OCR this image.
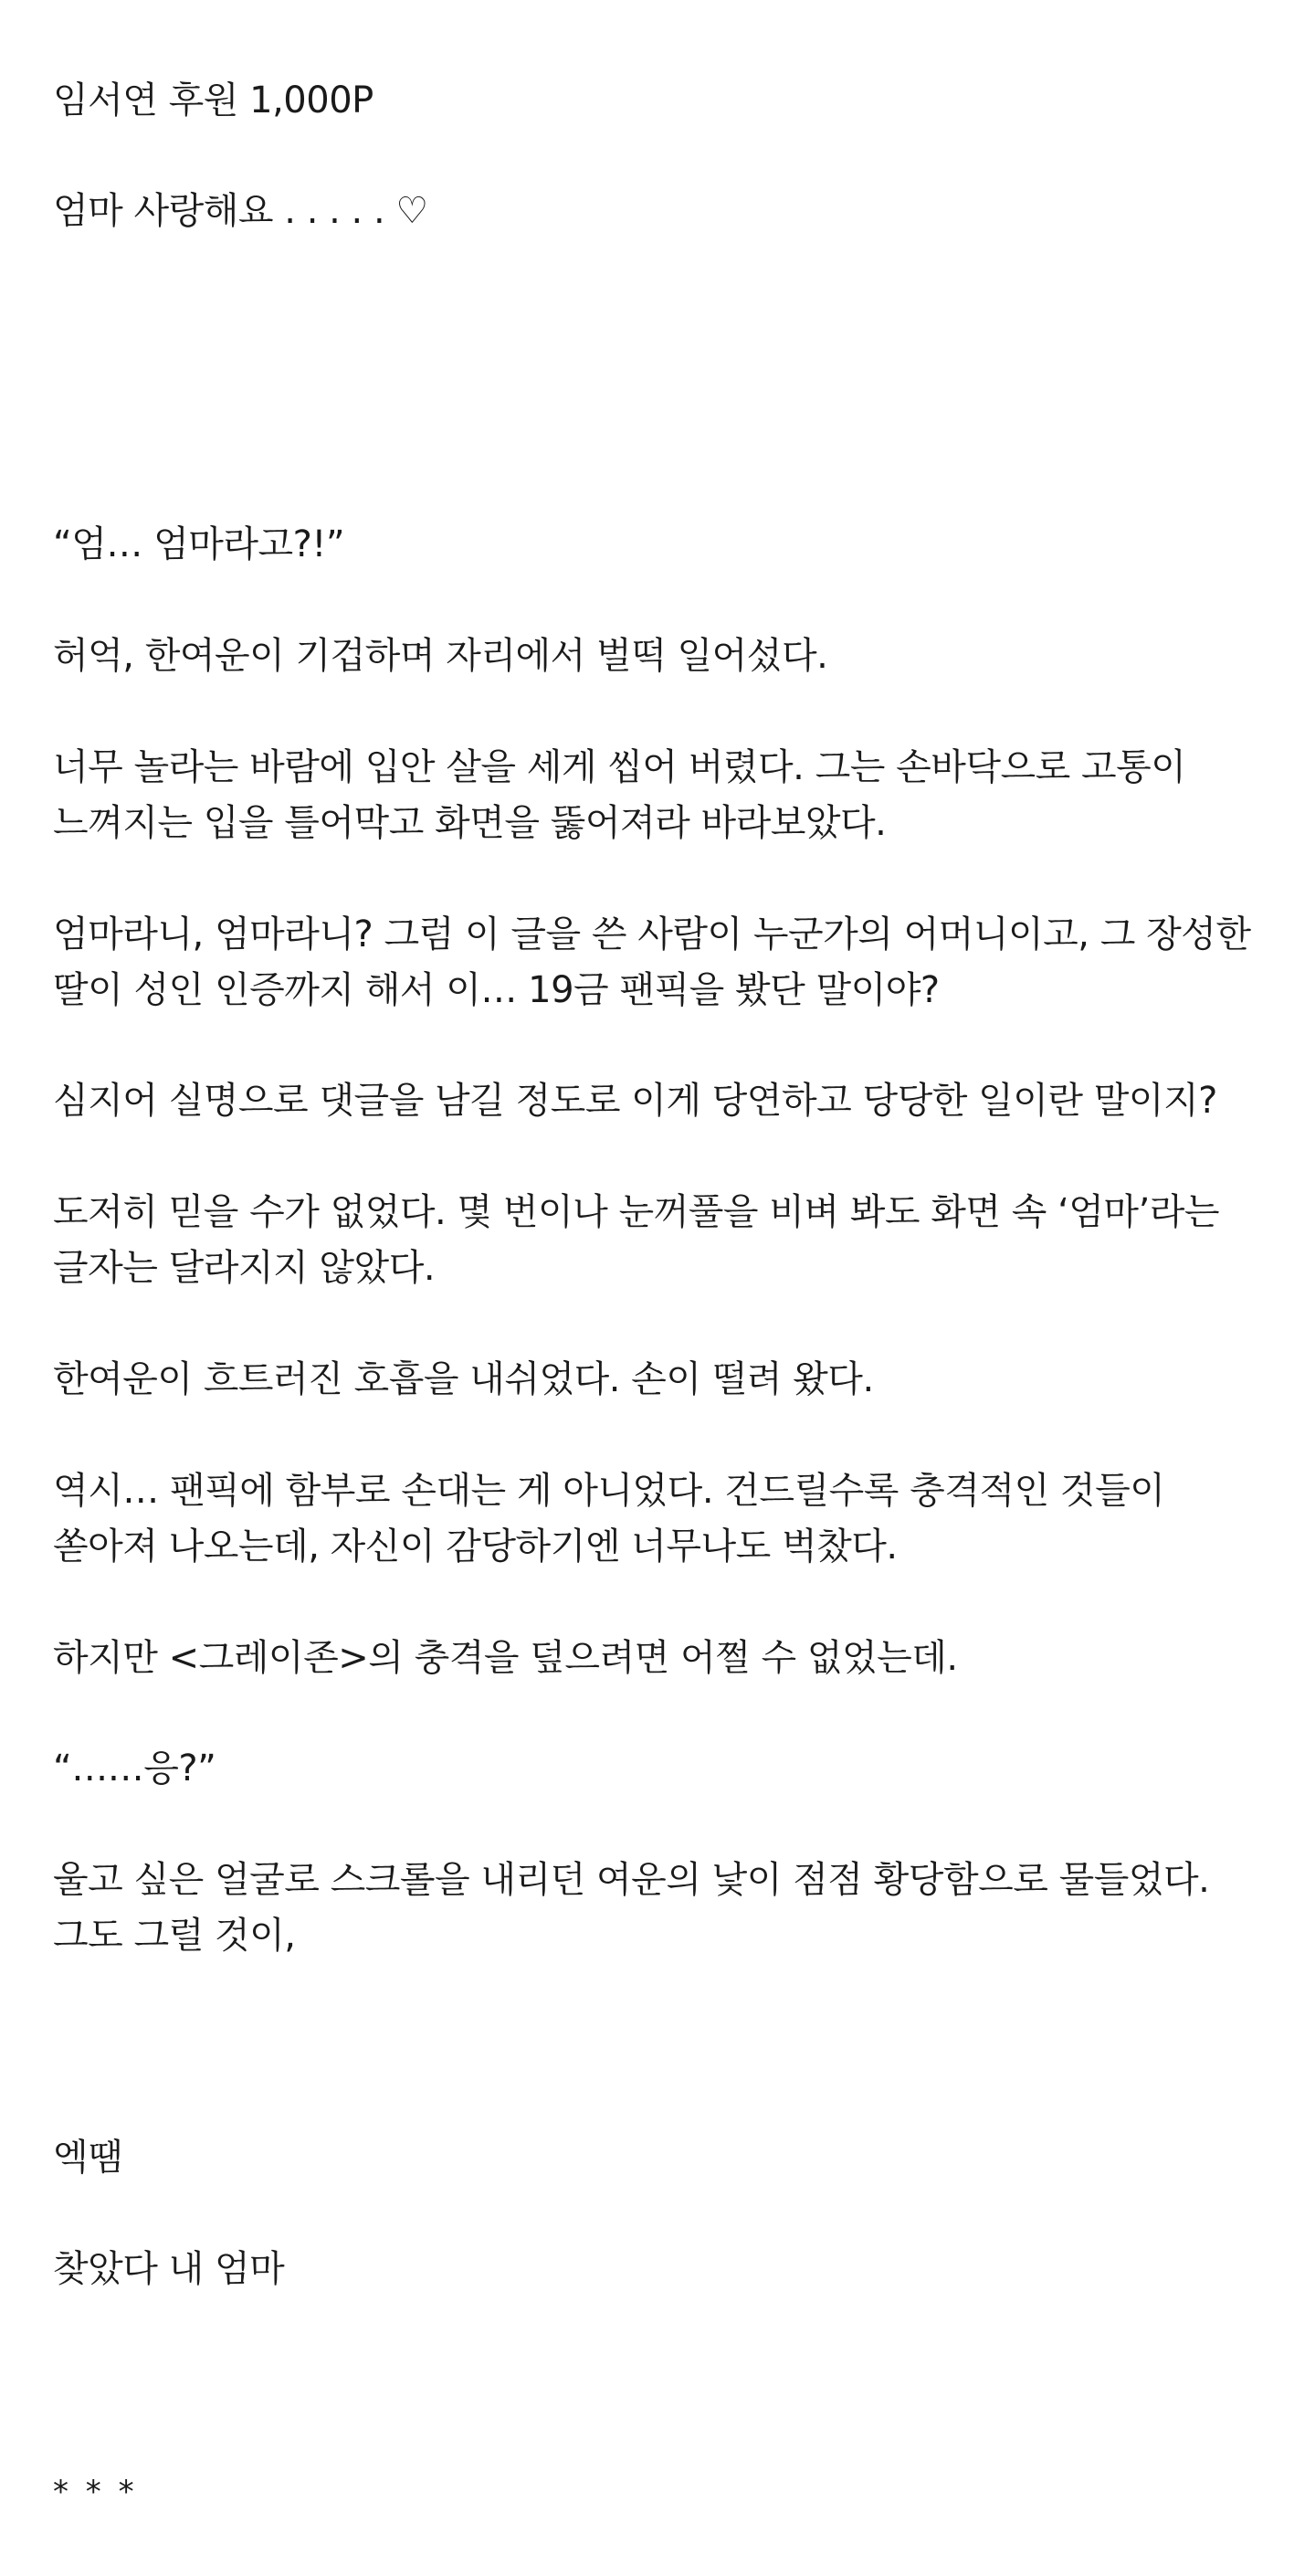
임서연 후원 1,000P

엄마 사랑해요 . . . . . ♡

“엄… 엄마라고?!”

허억, 한여운이 기겁하며 자리에서 벌떡 일어섰다.

너무 놀라는 바람에 입안 살을 세게 씹어 버렸다. 그는 손바닥으로 고통이 느껴지는 입을 틀어막고 화면을 뚫어져라 바라보았다.

엄마라니, 엄마라니? 그럼 이 글을 쓴 사람이 누군가의 어머니이고, 그 장성한 딸이 성인 인증까지 해서 이… 19금 팬픽을 봤단 말이야?

심지어 실명으로 댓글을 남길 정도로 이게 당연하고 당당한 일이란 말이지?

도저히 믿을 수가 없었다. 몇 번이나 눈꺼풀을 비벼 봐도 화면 속 ‘엄마’라는 글자는 달라지지 않았다.

한여운이 흐트러진 호흡을 내쉬었다. 손이 떨려 왔다.

역시… 팬픽에 함부로 손대는 게 아니었다. 건드릴수록 충격적인 것들이 쏟아져 나오는데, 자신이 감당하기엔 너무나도 벅찼다.

하지만 <그레이존>의 충격을 덮으려면 어쩔 수 없었는데.

“……응?”

울고 싶은 얼굴로 스크롤을 내리던 여운의 낯이 점점 황당함으로 물들었다. 그도 그럴 것이,

엑땜

찾았다 내 엄마

* * *
